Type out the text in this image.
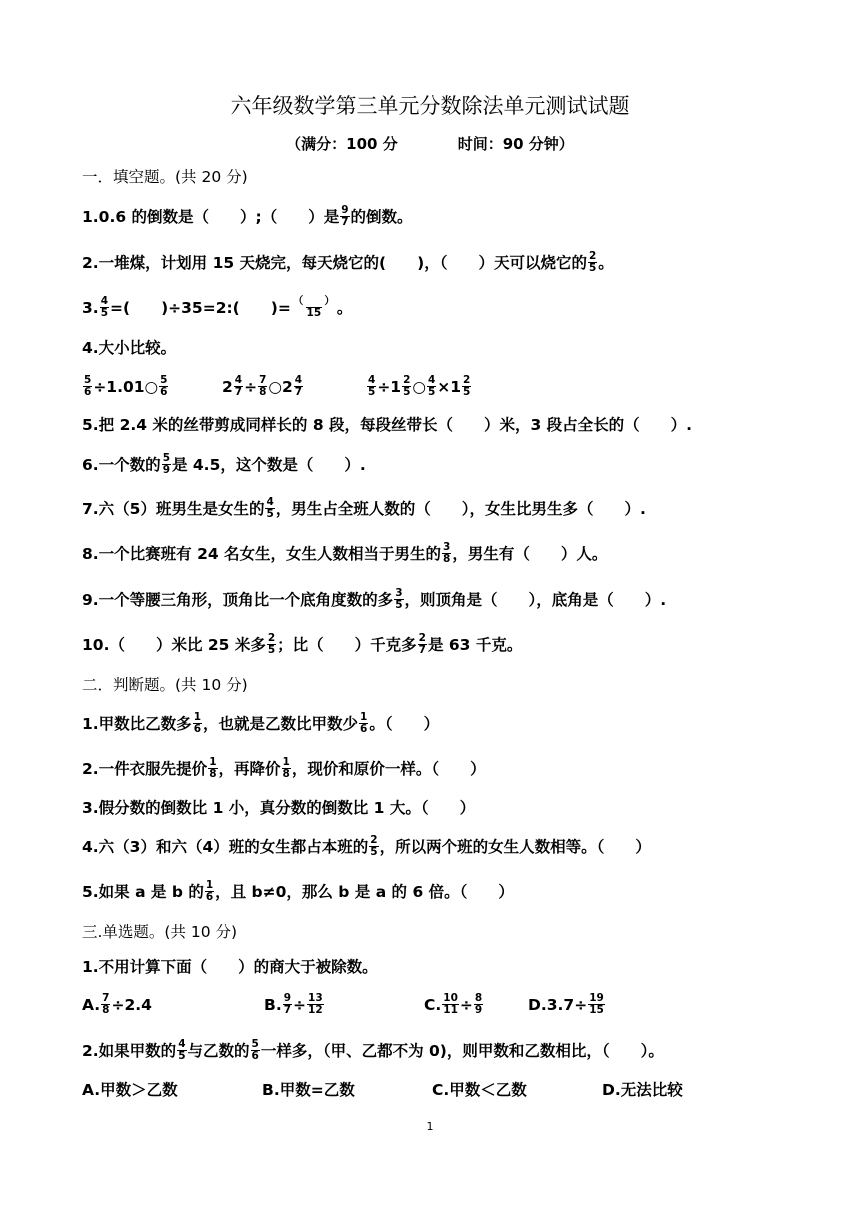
六年级数学第三单元分数除法单元测试试题
（满分：100 分　　　　时间：90 分钟）
一．填空题。(共 20 分)
1.0.6 的倒数是（　　）;（　　）是 $\frac{9}{7}$ 的倒数。
2.一堆煤，计划用 15 天烧完，每天烧它的(　　)，（　　）天可以烧它的 $\frac{2}{5}$ 。
3. $\frac{4}{5}$ =(　　)÷35=2:(　　)= $\frac{( )}{15}$ 。
4.大小比较。
$\frac{5}{6}$ ÷1.01○ $\frac{5}{6}$	$2 \frac{4}{7} \div \frac{7}{8}$ ○2 $\frac{4}{7}$	$\frac{4}{5} \div 1 \frac{2}{5}$ ○ $\frac{4}{5} \times 1 \frac{2}{5}$
5.把 2.4 米的丝带剪成同样长的 8 段，每段丝带长（　　）米，3 段占全长的（　　）.
6.一个数的 $\frac{5}{9}$ 是 4.5，这个数是（　　）.
7.六（5）班男生是女生的 $\frac{4}{5}$ ，男生占全班人数的（　　），女生比男生多（　　）.
8.一个比赛班有 24 名女生，女生人数相当于男生的 $\frac{3}{8}$ ，男生有（　　）人。
9.一个等腰三角形，顶角比一个底角度数的多 $\frac{3}{5}$ ，则顶角是（　　），底角是（　　）.
10.（　　）米比 25 米多 $\frac{2}{5}$ ；比（　　）千克多 $\frac{2}{7}$ 是 63 千克。
二．判断题。(共 10 分)
1.甲数比乙数多 $\frac{1}{6}$ ，也就是乙数比甲数少 $\frac{1}{6}$ 。（　　）
2.一件衣服先提价 $\frac{1}{8}$ ，再降价 $\frac{1}{8}$ ，现价和原价一样。（　　）
3.假分数的倒数比 1 小，真分数的倒数比 1 大。（　　）
4.六（3）和六（4）班的女生都占本班的 $\frac{2}{5}$ ，所以两个班的女生人数相等。（　　）
5.如果 a 是 b 的 $\frac{1}{6}$ ，且 b≠0，那么 b 是 a 的 6 倍。（　　）
三.单选题。(共 10 分)
1.不用计算下面（　　）的商大于被除数。
A. $\frac{7}{8} \div 2.4$	B. $\frac{9}{7} \div \frac{13}{12}$	C. $\frac{10}{11} \div \frac{8}{9}$	$D.3.7\div \frac{19}{15}$
2.如果甲数的 $\frac{4}{5}$ 与乙数的 $\frac{5}{6}$ 一样多，（甲、乙都不为 0)，则甲数和乙数相比，（　　）。
A.甲数＞乙数	B.甲数=乙数	C.甲数＜乙数	D.无法比较
1
